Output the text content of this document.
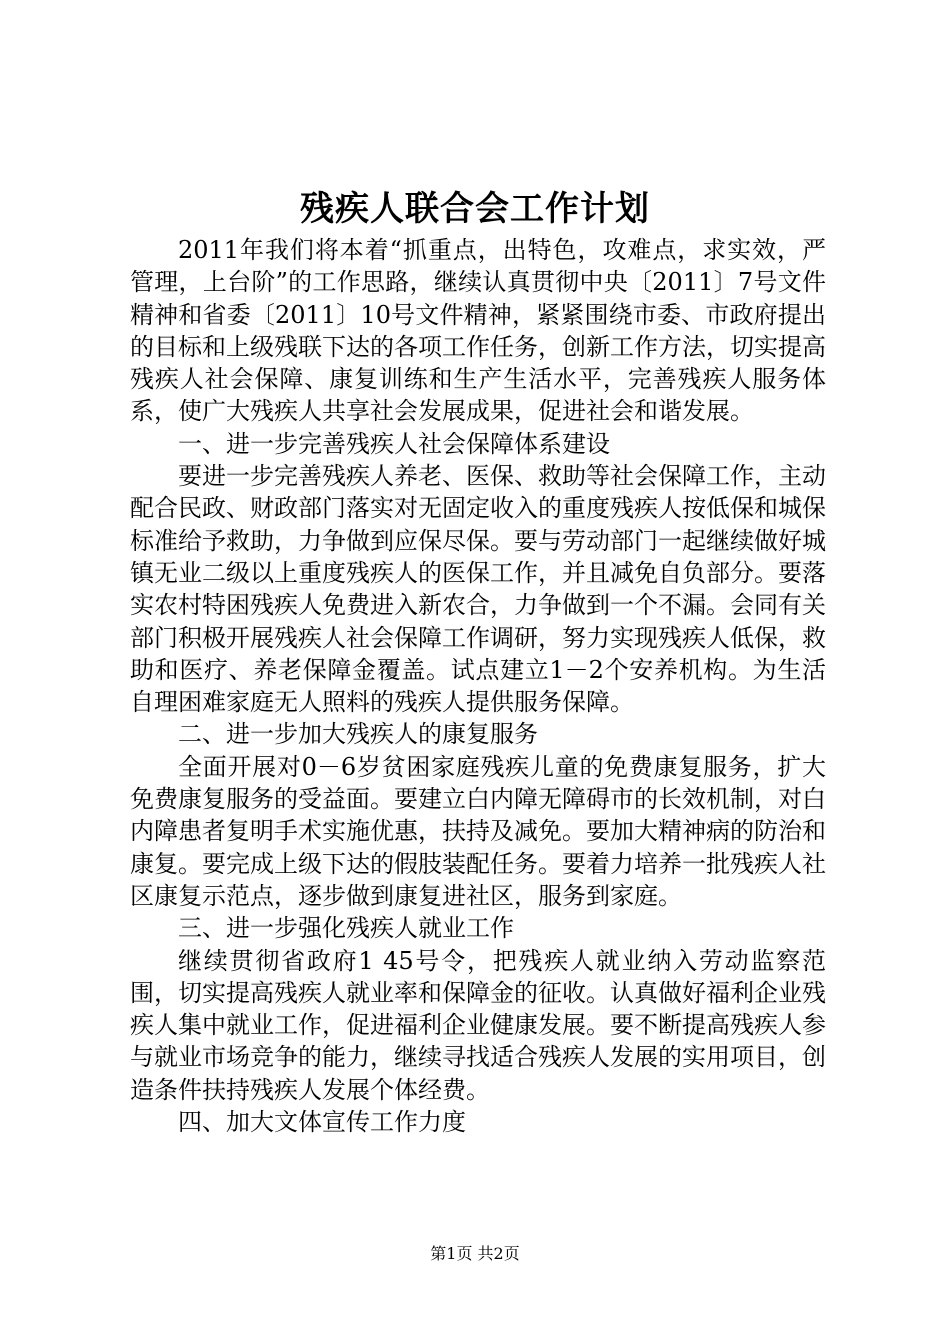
残疾人联合会工作计划

2011年我们将本着“抓重点，出特色，攻难点，求实效，严管理，上台阶”的工作思路，继续认真贯彻中央〔2011〕7号文件精神和省委〔2011〕10号文件精神，紧紧围绕市委、市政府提出的目标和上级残联下达的各项工作任务，创新工作方法，切实提高残疾人社会保障、康复训练和生产生活水平，完善残疾人服务体系，使广大残疾人共享社会发展成果，促进社会和谐发展。

一、进一步完善残疾人社会保障体系建设

要进一步完善残疾人养老、医保、救助等社会保障工作，主动配合民政、财政部门落实对无固定收入的重度残疾人按低保和城保标准给予救助，力争做到应保尽保。要与劳动部门一起继续做好城镇无业二级以上重度残疾人的医保工作，并且减免自负部分。要落实农村特困残疾人免费进入新农合，力争做到一个不漏。会同有关部门积极开展残疾人社会保障工作调研，努力实现残疾人低保，救助和医疗、养老保障金覆盖。试点建立1－2个安养机构。为生活自理困难家庭无人照料的残疾人提供服务保障。

二、进一步加大残疾人的康复服务

全面开展对0－6岁贫困家庭残疾儿童的免费康复服务，扩大免费康复服务的受益面。要建立白内障无障碍市的长效机制，对白内障患者复明手术实施优惠，扶持及减免。要加大精神病的防治和康复。要完成上级下达的假肢装配任务。要着力培养一批残疾人社区康复示范点，逐步做到康复进社区，服务到家庭。

三、进一步强化残疾人就业工作

继续贯彻省政府1 45号令，把残疾人就业纳入劳动监察范围，切实提高残疾人就业率和保障金的征收。认真做好福利企业残疾人集中就业工作，促进福利企业健康发展。要不断提高残疾人参与就业市场竞争的能力，继续寻找适合残疾人发展的实用项目，创造条件扶持残疾人发展个体经费。

四、加大文体宣传工作力度

第1页 共2页
